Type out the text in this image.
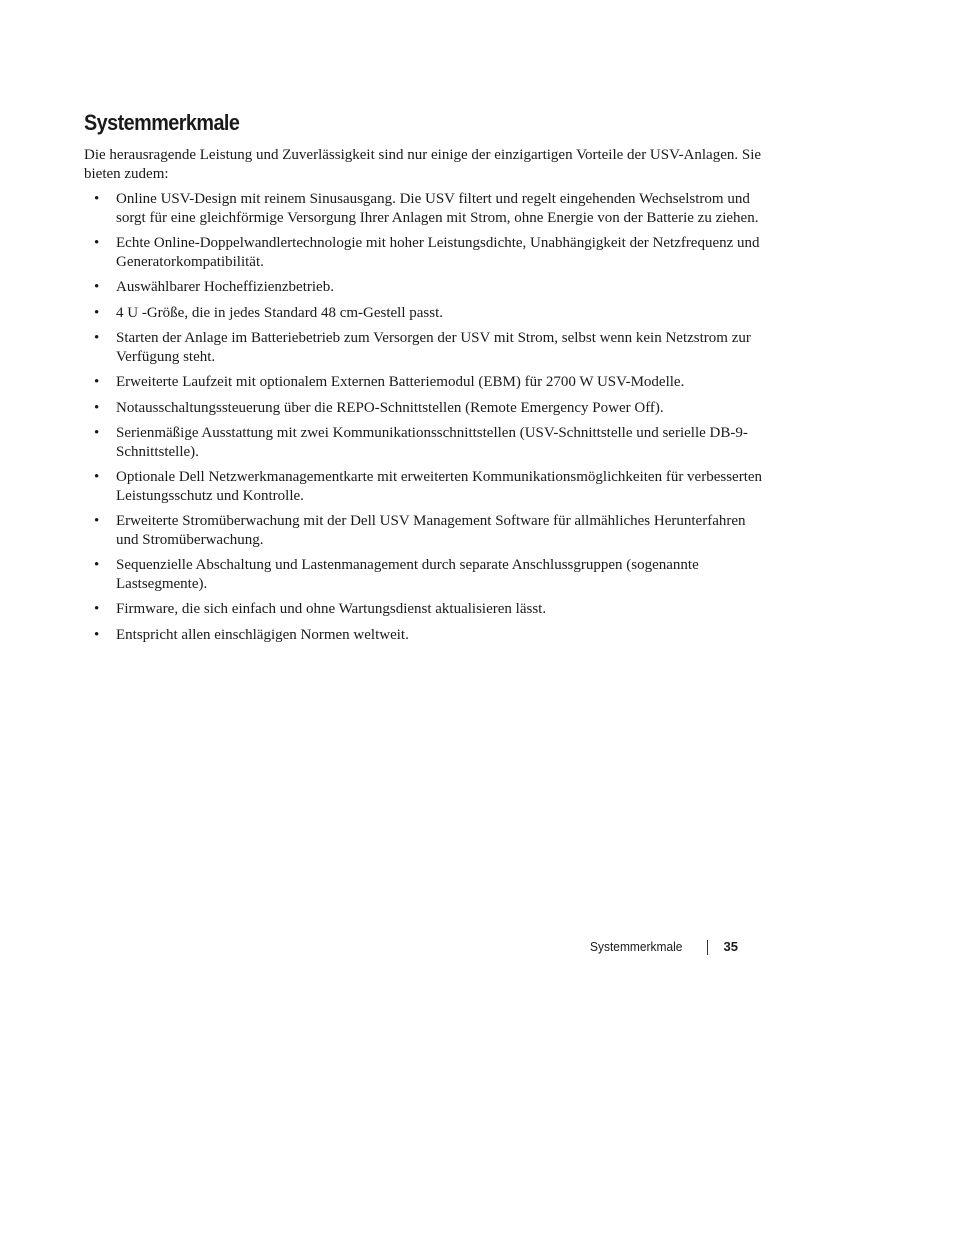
Systemmerkmale

Die herausragende Leistung und Zuverlässigkeit sind nur einige der einzigartigen Vorteile der USV-Anlagen. Sie bieten zudem:

• Online USV-Design mit reinem Sinusausgang. Die USV filtert und regelt eingehenden Wechselstrom und sorgt für eine gleichförmige Versorgung Ihrer Anlagen mit Strom, ohne Energie von der Batterie zu ziehen.
• Echte Online-Doppelwandlertechnologie mit hoher Leistungsdichte, Unabhängigkeit der Netzfrequenz und Generatorkompatibilität.
• Auswählbarer Hocheffizienzbetrieb.
• 4 U -Größe, die in jedes Standard 48 cm-Gestell passt.
• Starten der Anlage im Batteriebetrieb zum Versorgen der USV mit Strom, selbst wenn kein Netzstrom zur Verfügung steht.
• Erweiterte Laufzeit mit optionalem Externen Batteriemodul (EBM) für 2700 W USV-Modelle.
• Notausschaltungssteuerung über die REPO-Schnittstellen (Remote Emergency Power Off).
• Serienmäßige Ausstattung mit zwei Kommunikationsschnittstellen (USV-Schnittstelle und serielle DB-9-Schnittstelle).
• Optionale Dell Netzwerkmanagementkarte mit erweiterten Kommunikationsmöglichkeiten für verbesserten Leistungsschutz und Kontrolle.
• Erweiterte Stromüberwachung mit der Dell USV Management Software für allmähliches Herunterfahren und Stromüberwachung.
• Sequenzielle Abschaltung und Lastenmanagement durch separate Anschlussgruppen (sogenannte Lastsegmente).
• Firmware, die sich einfach und ohne Wartungsdienst aktualisieren lässt.
• Entspricht allen einschlägigen Normen weltweit.
Systemmerkmale	35
